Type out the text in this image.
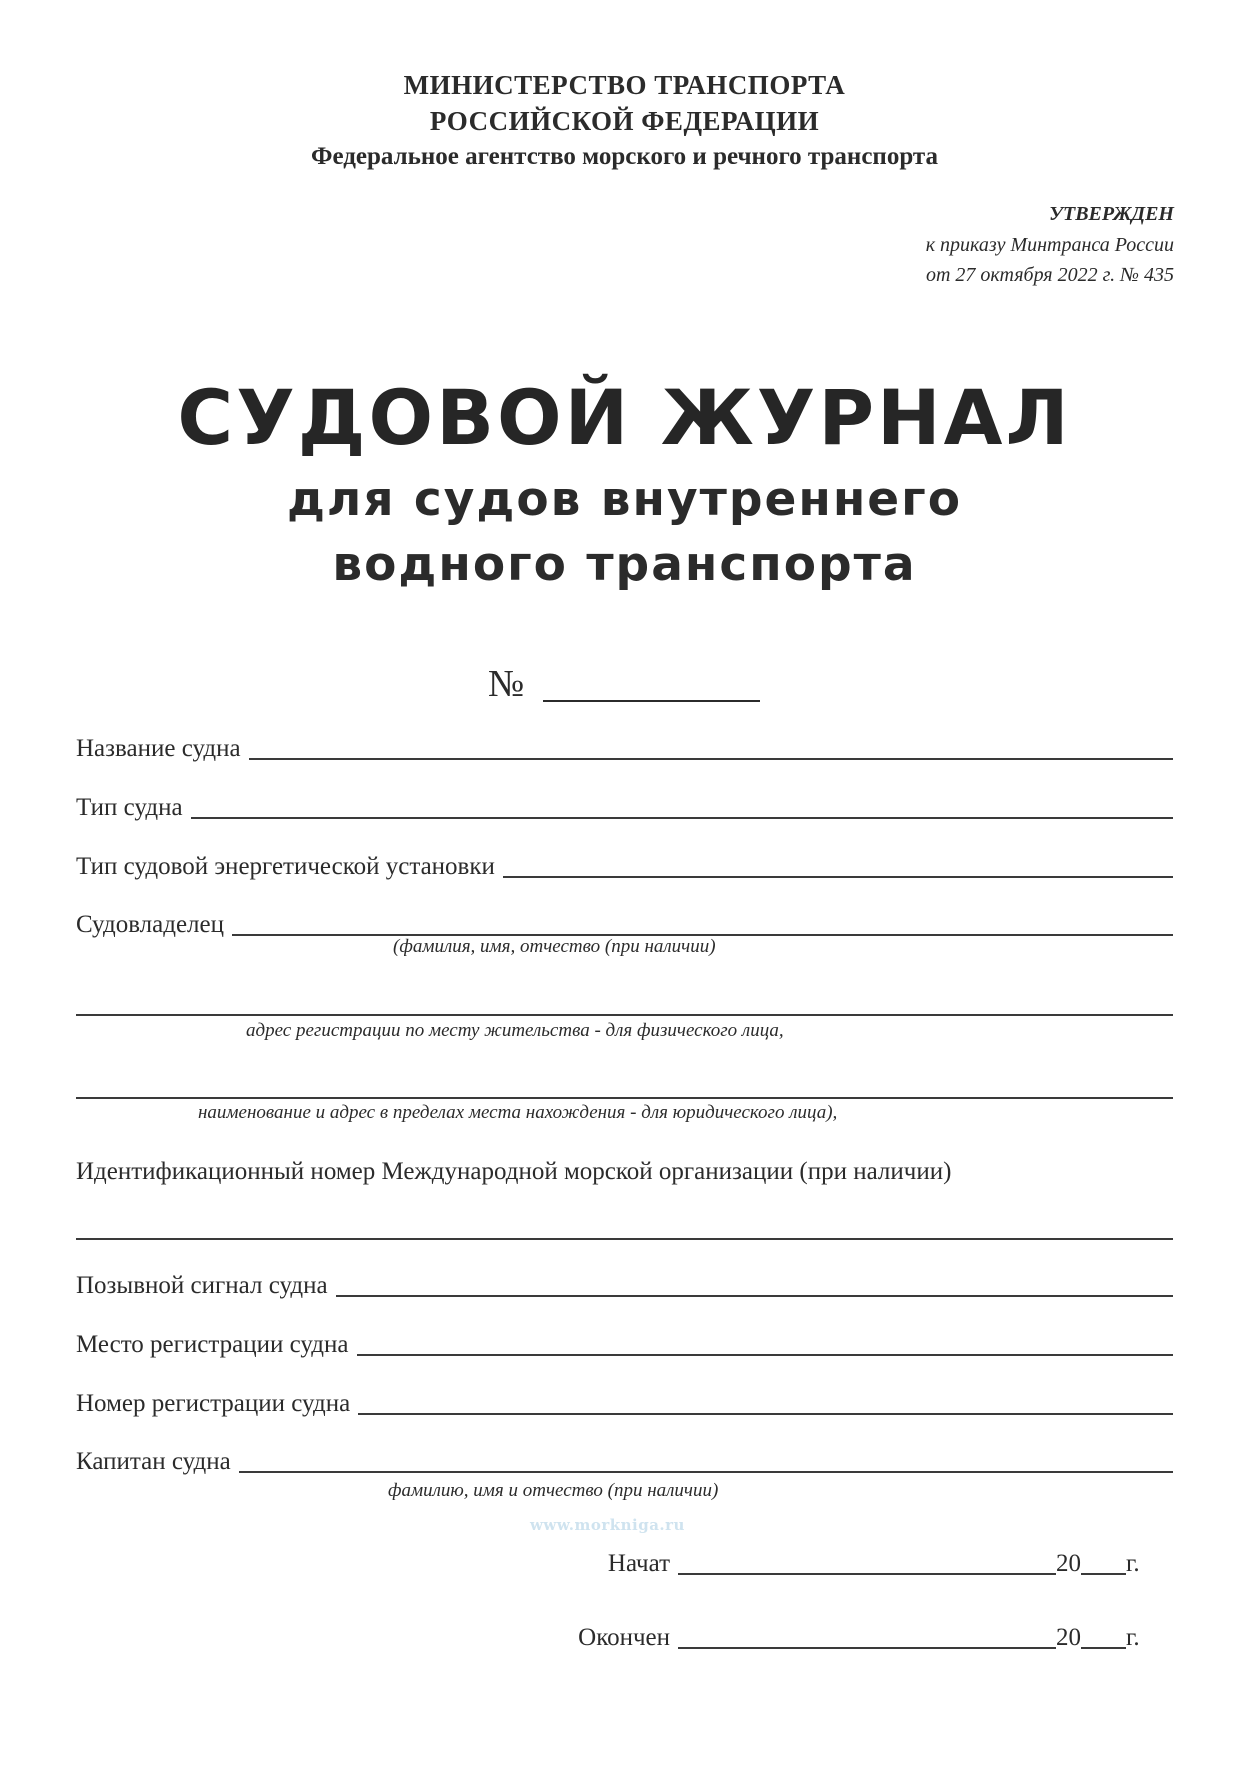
МИНИСТЕРСТВО ТРАНСПОРТА
РОССИЙСКОЙ ФЕДЕРАЦИИ
Федеральное агентство морского и речного транспорта
УТВЕРЖДЕН
к приказу Минтранса России
от 27 октября 2022 г. № 435
СУДОВОЙ ЖУРНАЛ
для судов внутреннего
водного транспорта
№
Название судна
Тип судна
Тип судовой энергетической установки
Судовладелец
(фамилия, имя, отчество (при наличии)
адрес регистрации по месту жительства - для физического лица,
наименование и адрес в пределах места нахождения - для юридического лица),
Идентификационный номер Международной морской организации (при наличии)
Позывной сигнал судна
Место регистрации судна
Номер регистрации судна
Капитан судна
фамилию, имя и отчество (при наличии)
www.morkniga.ru
Начат	20 г.
Окончен	20 г.
